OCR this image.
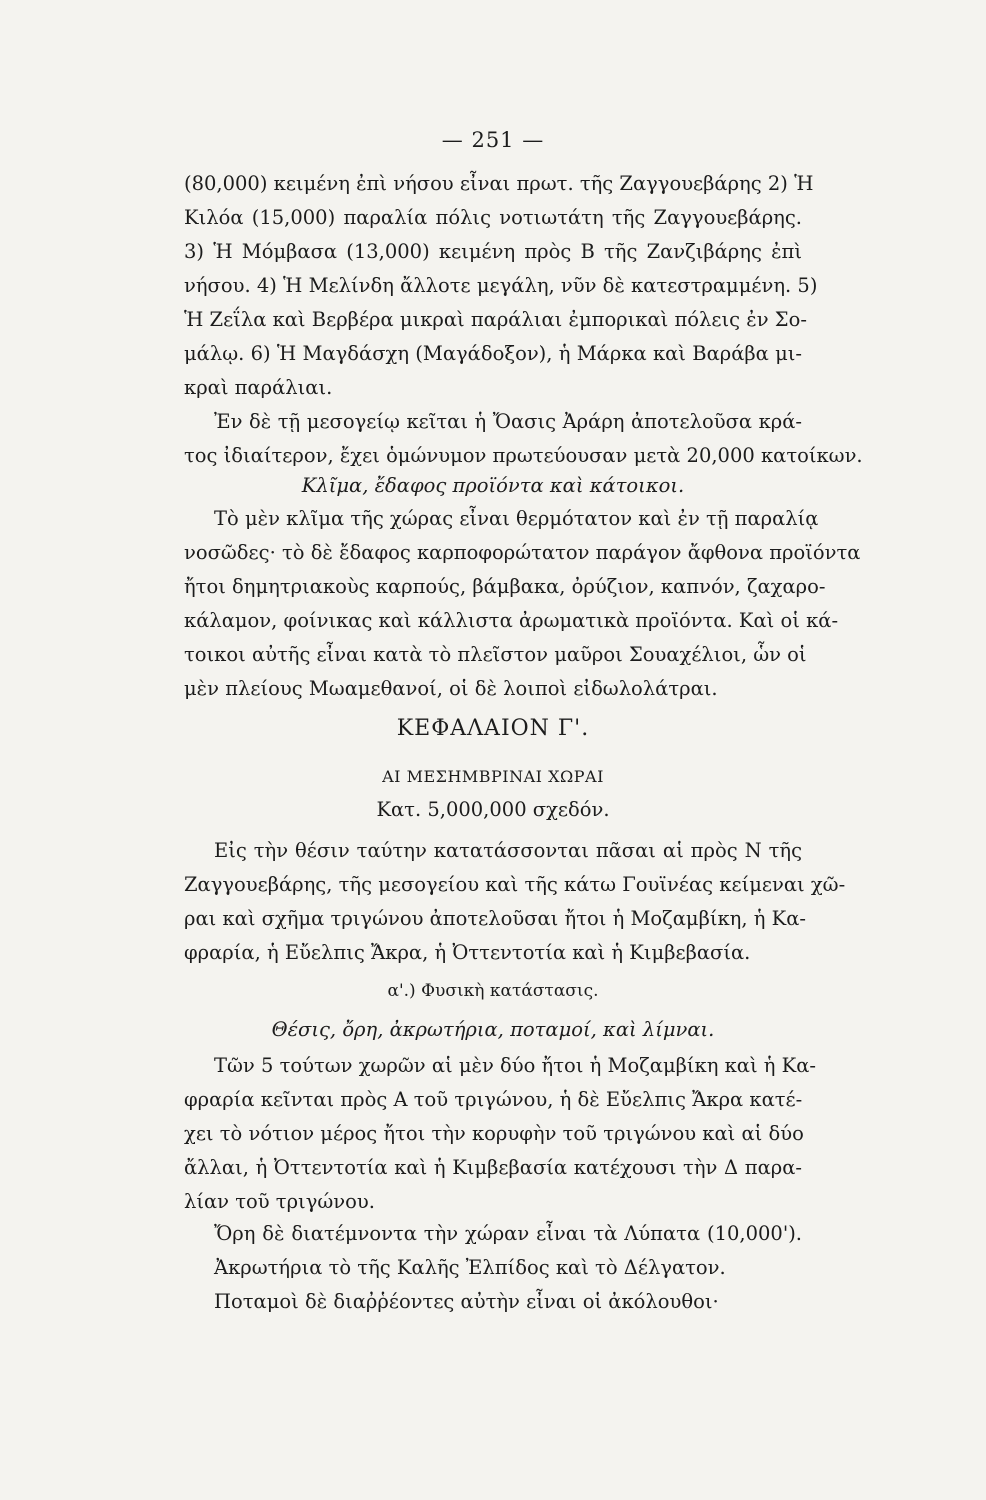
— 251 —
(80,000) κειμένη ἐπὶ νήσου εἶναι πρωτ. τῆς Ζαγγουεβάρης 2) Ἡ
Κιλόα (15,000) παραλία πόλις νοτιωτάτη τῆς Ζαγγουεβάρης.
3) Ἡ Μόμβασα (13,000) κειμένη πρὸς Β τῆς Ζανζιβάρης ἐπὶ
νήσου. 4) Ἡ Μελίνδη ἄλλοτε μεγάλη, νῦν δὲ κατεστραμμένη. 5)
Ἡ Ζεΐλα καὶ Βερβέρα μικραὶ παράλιαι ἐμπορικαὶ πόλεις ἐν Σο-
μάλῳ. 6) Ἡ Μαγδάσχη (Μαγάδοξον), ἡ Μάρκα καὶ Βαράβα μι-
κραὶ παράλιαι.
Ἐν δὲ τῇ μεσογείῳ κεῖται ἡ Ὄασις Ἀράρη ἀποτελοῦσα κρά-
τος ἰδιαίτερον, ἔχει ὁμώνυμον πρωτεύουσαν μετὰ 20,000 κατοίκων.
Κλῖμα, ἔδαφος προϊόντα καὶ κάτοικοι.
Τὸ μὲν κλῖμα τῆς χώρας εἶναι θερμότατον καὶ ἐν τῇ παραλίᾳ
νοσῶδες· τὸ δὲ ἔδαφος καρποφορώτατον παράγον ἄφθονα προϊόντα
ἤτοι δημητριακοὺς καρπούς, βάμβακα, ὀρύζιον, καπνόν, ζαχαρο-
κάλαμον, φοίνικας καὶ κάλλιστα ἀρωματικὰ προϊόντα. Καὶ οἱ κά-
τοικοι αὐτῆς εἶναι κατὰ τὸ πλεῖστον μαῦροι Σουαχέλιοι, ὧν οἱ
μὲν πλείους Μωαμεθανοί, οἱ δὲ λοιποὶ εἰδωλολάτραι.
ΚΕΦΑΛΑΙΟΝ Γ'.
ΑΙ ΜΕΣΗΜΒΡΙΝΑΙ ΧΩΡΑΙ
Κατ. 5,000,000 σχεδόν.
Εἰς τὴν θέσιν ταύτην κατατάσσονται πᾶσαι αἱ πρὸς Ν τῆς
Ζαγγουεβάρης, τῆς μεσογείου καὶ τῆς κάτω Γουϊνέας κείμεναι χῶ-
ραι καὶ σχῆμα τριγώνου ἀποτελοῦσαι ἤτοι ἡ Μοζαμβίκη, ἡ Κα-
φραρία, ἡ Εὔελπις Ἄκρα, ἡ Ὀττεντοτία καὶ ἡ Κιμβεβασία.
α'.) Φυσικὴ κατάστασις.
Θέσις, ὄρη, ἀκρωτήρια, ποταμοί, καὶ λίμναι.
Τῶν 5 τούτων χωρῶν αἱ μὲν δύο ἤτοι ἡ Μοζαμβίκη καὶ ἡ Κα-
φραρία κεῖνται πρὸς Α τοῦ τριγώνου, ἡ δὲ Εὔελπις Ἄκρα κατέ-
χει τὸ νότιον μέρος ἤτοι τὴν κορυφὴν τοῦ τριγώνου καὶ αἱ δύο
ἄλλαι, ἡ Ὀττεντοτία καὶ ἡ Κιμβεβασία κατέχουσι τὴν Δ παρα-
λίαν τοῦ τριγώνου.
Ὄρη δὲ διατέμνοντα τὴν χώραν εἶναι τὰ Λύπατα (10,000').
Ἀκρωτήρια τὸ τῆς Καλῆς Ἐλπίδος καὶ τὸ Δέλγατον.
Ποταμοὶ δὲ διαῤῥέοντες αὐτὴν εἶναι οἱ ἀκόλουθοι·
